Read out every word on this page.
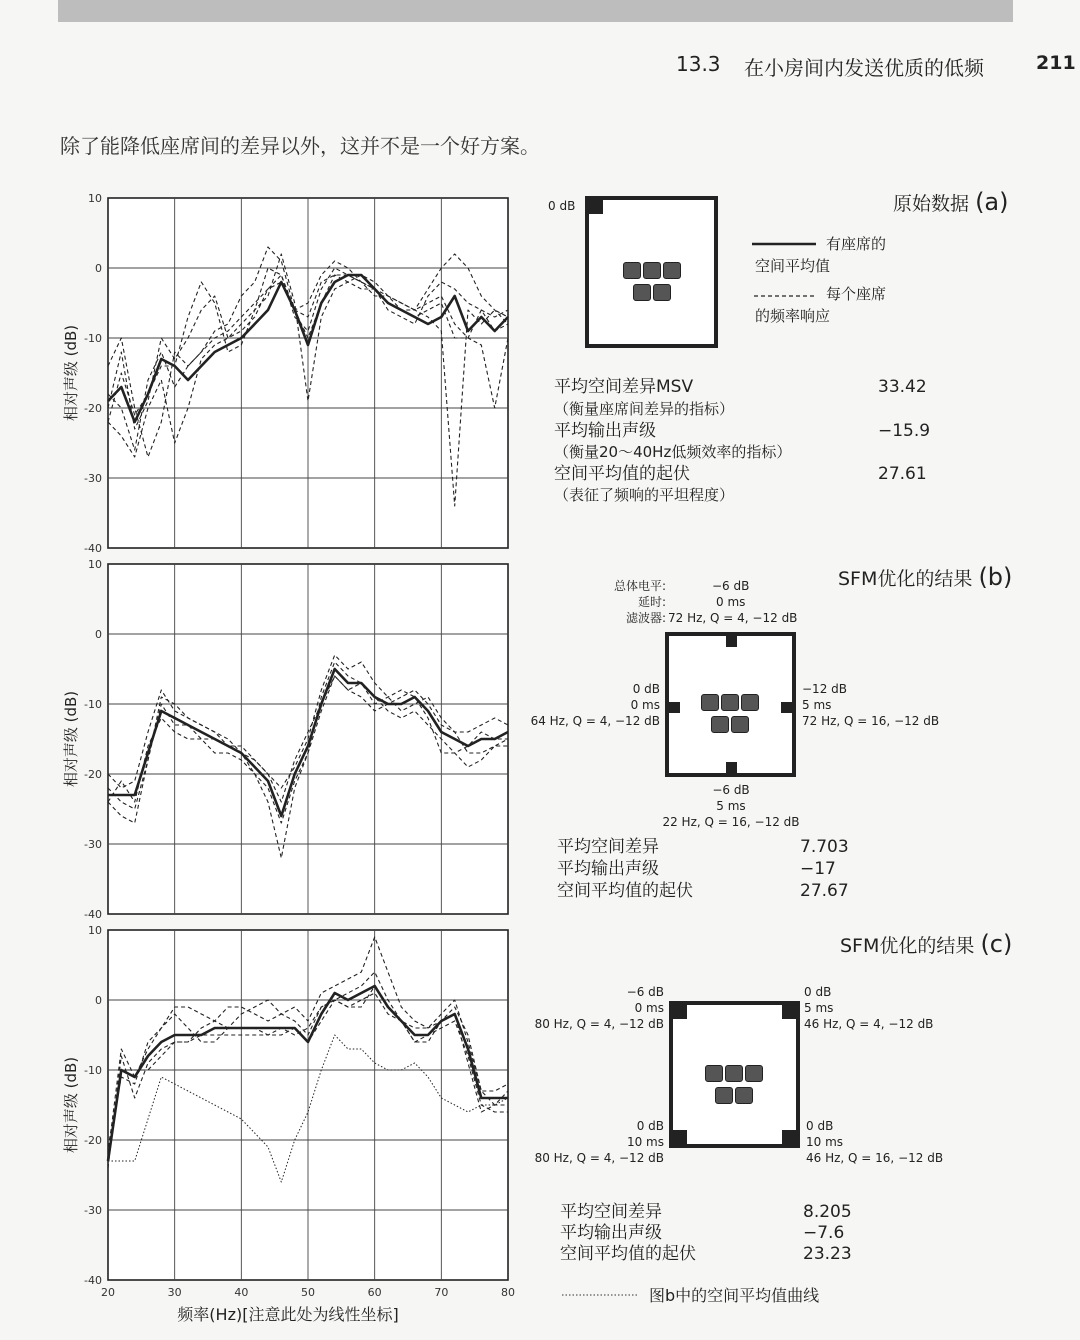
13.3 在小房间内发送优质的低频	211
除了能降低座席间的差异以外，这并不是一个好方案。
10
0
-10
-20
-30
-40
相对声级 (dB)
10
0
-10
-20
-30
-40
相对声级 (dB)
10
0
-10
-20
-30
-40
相对声级 (dB)
20	30	40	50	60	70	80
频率(Hz)[注意此处为线性坐标]
原始数据 (a)
0 dB
有座席的
空间平均值
每个座席
的频率响应
平均空间差异MSV	33.42
（衡量座席间差异的指标）
平均输出声级	−15.9
（衡量20～40Hz低频效率的指标）
空间平均值的起伏	27.61
（表征了频响的平坦程度）
SFM优化的结果 (b)
总体电平:	−6 dB
延时:	0 ms
滤波器: 72 Hz, Q = 4, −12 dB
0 dB
0 ms
64 Hz, Q = 4, −12 dB
−12 dB
5 ms
72 Hz, Q = 16, −12 dB
−6 dB
5 ms
22 Hz, Q = 16, −12 dB
平均空间差异	7.703
平均输出声级	−17
空间平均值的起伏	27.67
SFM优化的结果 (c)
−6 dB
0 ms
80 Hz, Q = 4, −12 dB
0 dB
5 ms
46 Hz, Q = 4, −12 dB
0 dB
10 ms
80 Hz, Q = 4, −12 dB
0 dB
10 ms
46 Hz, Q = 16, −12 dB
平均空间差异	8.205
平均输出声级	−7.6
空间平均值的起伏	23.23
图b中的空间平均值曲线
